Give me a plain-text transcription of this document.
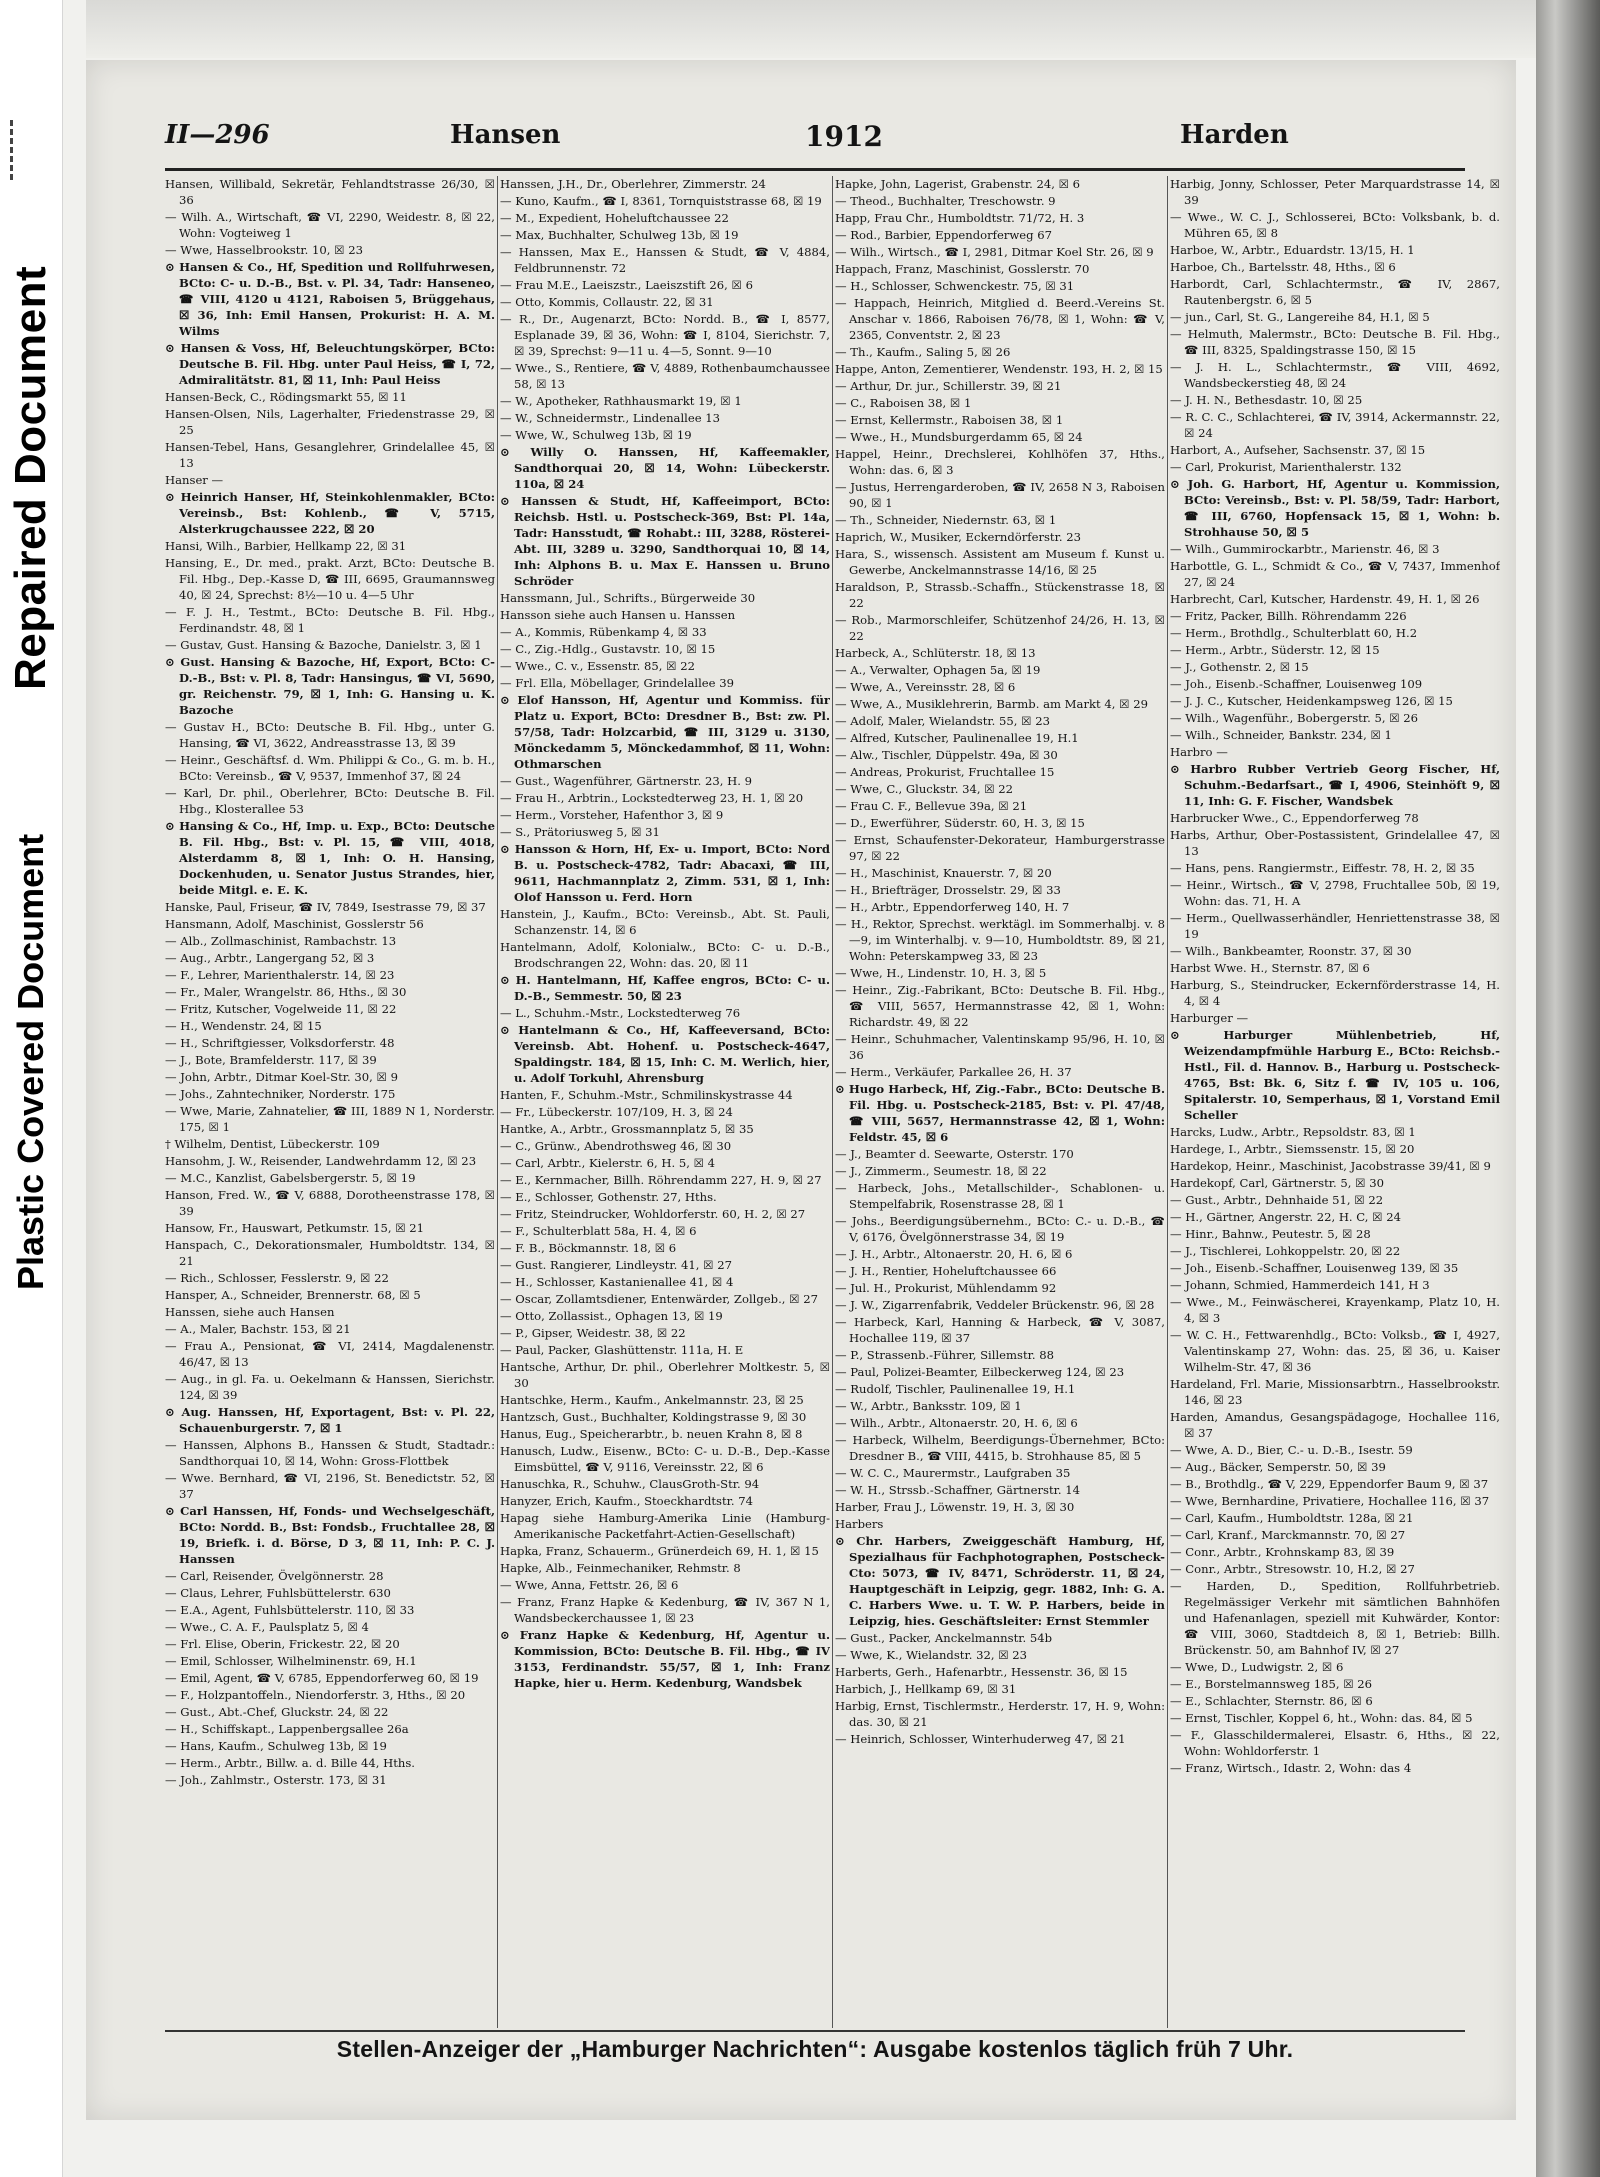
Repaired Document
Plastic Covered Document
II—296	Hansen	1912	Harden

Hansen, Willibald, Sekretär, Fehlandtstrasse 26/30, ☒ 36

— Wilh. A., Wirtschaft, ☎ VI, 2290, Weidestr. 8, ☒ 22, Wohn: Vogteiweg 1

— Wwe, Hasselbrookstr. 10, ☒ 23

⊙ Hansen & Co., Hf, Spedition und Rollfuhrwesen, BCto: C- u. D.-B., Bst. v. Pl. 34, Tadr: Hanseneo, ☎ VIII, 4120 u 4121, Raboisen 5, Brüggehaus, ☒ 36, Inh: Emil Hansen, Prokurist: H. A. M. Wilms

⊙ Hansen & Voss, Hf, Beleuchtungskörper, BCto: Deutsche B. Fil. Hbg. unter Paul Heiss, ☎ I, 72, Admiralitätstr. 81, ☒ 11, Inh: Paul Heiss

Hansen-Beck, C., Rödingsmarkt 55, ☒ 11

Hansen-Olsen, Nils, Lagerhalter, Friedenstrasse 29, ☒ 25

Hansen-Tebel, Hans, Gesanglehrer, Grindelallee 45, ☒ 13

Hanser —

⊙ Heinrich Hanser, Hf, Steinkohlenmakler, BCto: Vereinsb., Bst: Kohlenb., ☎ V, 5715, Alsterkrugchaussee 222, ☒ 20

Hansi, Wilh., Barbier, Hellkamp 22, ☒ 31

Hansing, E., Dr. med., prakt. Arzt, BCto: Deutsche B. Fil. Hbg., Dep.-Kasse D, ☎ III, 6695, Graumannsweg 40, ☒ 24, Sprechst: 8½—10 u. 4—5 Uhr

— F. J. H., Testmt., BCto: Deutsche B. Fil. Hbg., Ferdinandstr. 48, ☒ 1

— Gustav, Gust. Hansing & Bazoche, Danielstr. 3, ☒ 1

⊙ Gust. Hansing & Bazoche, Hf, Export, BCto: C- D.-B., Bst: v. Pl. 8, Tadr: Hansingus, ☎ VI, 5690, gr. Reichenstr. 79, ☒ 1, Inh: G. Hansing u. K. Bazoche

— Gustav H., BCto: Deutsche B. Fil. Hbg., unter G. Hansing, ☎ VI, 3622, Andreasstrasse 13, ☒ 39

— Heinr., Geschäftsf. d. Wm. Philippi & Co., G. m. b. H., BCto: Vereinsb., ☎ V, 9537, Immenhof 37, ☒ 24

— Karl, Dr. phil., Oberlehrer, BCto: Deutsche B. Fil. Hbg., Klosterallee 53

⊙ Hansing & Co., Hf, Imp. u. Exp., BCto: Deutsche B. Fil. Hbg., Bst: v. Pl. 15, ☎ VIII, 4018, Alsterdamm 8, ☒ 1, Inh: O. H. Hansing, Dockenhuden, u. Senator Justus Strandes, hier, beide Mitgl. e. E. K.

Hanske, Paul, Friseur, ☎ IV, 7849, Isestrasse 79, ☒ 37

Hansmann, Adolf, Maschinist, Gosslerstr 56

— Alb., Zollmaschinist, Rambachstr. 13

— Aug., Arbtr., Langergang 52, ☒ 3

— F., Lehrer, Marienthalerstr. 14, ☒ 23

— Fr., Maler, Wrangelstr. 86, Hths., ☒ 30

— Fritz, Kutscher, Vogelweide 11, ☒ 22

— H., Wendenstr. 24, ☒ 15

— H., Schriftgiesser, Volksdorferstr. 48

— J., Bote, Bramfelderstr. 117, ☒ 39

— John, Arbtr., Ditmar Koel-Str. 30, ☒ 9

— Johs., Zahntechniker, Norderstr. 175

— Wwe, Marie, Zahnatelier, ☎ III, 1889 N 1, Norderstr. 175, ☒ 1

† Wilhelm, Dentist, Lübeckerstr. 109

Hansohm, J. W., Reisender, Landwehrdamm 12, ☒ 23

— M.C., Kanzlist, Gabelsbergerstr. 5, ☒ 19

Hanson, Fred. W., ☎ V, 6888, Dorotheenstrasse 178, ☒ 39

Hansow, Fr., Hauswart, Petkumstr. 15, ☒ 21

Hanspach, C., Dekorationsmaler, Humboldtstr. 134, ☒ 21

— Rich., Schlosser, Fesslerstr. 9, ☒ 22

Hansper, A., Schneider, Brennerstr. 68, ☒ 5

Hanssen, siehe auch Hansen

— A., Maler, Bachstr. 153, ☒ 21

— Frau A., Pensionat, ☎ VI, 2414, Magdalenenstr. 46/47, ☒ 13

— Aug., in gl. Fa. u. Oekelmann & Hanssen, Sierichstr. 124, ☒ 39

⊙ Aug. Hanssen, Hf, Exportagent, Bst: v. Pl. 22, Schauenburgerstr. 7, ☒ 1

— Hanssen, Alphons B., Hanssen & Studt, Stadtadr.: Sandthorquai 10, ☒ 14, Wohn: Gross-Flottbek

— Wwe. Bernhard, ☎ VI, 2196, St. Benedictstr. 52, ☒ 37

⊙ Carl Hanssen, Hf, Fonds- und Wechselgeschäft, BCto: Nordd. B., Bst: Fondsb., Fruchtallee 28, ☒ 19, Briefk. i. d. Börse, D 3, ☒ 11, Inh: P. C. J. Hanssen

— Carl, Reisender, Övelgönnerstr. 28

— Claus, Lehrer, Fuhlsbüttelerstr. 630

— E.A., Agent, Fuhlsbüttelerstr. 110, ☒ 33

— Wwe., C. A. F., Paulsplatz 5, ☒ 4

— Frl. Elise, Oberin, Frickestr. 22, ☒ 20

— Emil, Schlosser, Wilhelminenstr. 69, H.1

— Emil, Agent, ☎ V, 6785, Eppendorferweg 60, ☒ 19

— F., Holzpantoffeln., Niendorferstr. 3, Hths., ☒ 20

— Gust., Abt.-Chef, Gluckstr. 24, ☒ 22

— H., Schiffskapt., Lappenbergsallee 26a

— Hans, Kaufm., Schulweg 13b, ☒ 19

— Herm., Arbtr., Billw. a. d. Bille 44, Hths.

— Joh., Zahlmstr., Osterstr. 173, ☒ 31

Hanssen, J.H., Dr., Oberlehrer, Zimmerstr. 24

— Kuno, Kaufm., ☎ I, 8361, Tornquiststrasse 68, ☒ 19

— M., Expedient, Hoheluftchaussee 22

— Max, Buchhalter, Schulweg 13b, ☒ 19

— Hanssen, Max E., Hanssen & Studt, ☎ V, 4884, Feldbrunnenstr. 72

— Frau M.E., Laeiszstr., Laeiszstift 26, ☒ 6

— Otto, Kommis, Collaustr. 22, ☒ 31

— R., Dr., Augenarzt, BCto: Nordd. B., ☎ I, 8577, Esplanade 39, ☒ 36, Wohn: ☎ I, 8104, Sierichstr. 7, ☒ 39, Sprechst: 9—11 u. 4—5, Sonnt. 9—10

— Wwe., S., Rentiere, ☎ V, 4889, Rothenbaumchaussee 58, ☒ 13

— W., Apotheker, Rathhausmarkt 19, ☒ 1

— W., Schneidermstr., Lindenallee 13

— Wwe, W., Schulweg 13b, ☒ 19

⊙ Willy O. Hanssen, Hf, Kaffeemakler, Sandthorquai 20, ☒ 14, Wohn: Lübeckerstr. 110a, ☒ 24

⊙ Hanssen & Studt, Hf, Kaffeeimport, BCto: Reichsb. Hstl. u. Postscheck-369, Bst: Pl. 14a, Tadr: Hansstudt, ☎ Rohabt.: III, 3288, Rösterei-Abt. III, 3289 u. 3290, Sandthorquai 10, ☒ 14, Inh: Alphons B. u. Max E. Hanssen u. Bruno Schröder

Hanssmann, Jul., Schrifts., Bürgerweide 30

Hansson siehe auch Hansen u. Hanssen

— A., Kommis, Rübenkamp 4, ☒ 33

— C., Zig.-Hdlg., Gustavstr. 10, ☒ 15

— Wwe., C. v., Essenstr. 85, ☒ 22

— Frl. Ella, Möbellager, Grindelallee 39

⊙ Elof Hansson, Hf, Agentur und Kommiss. für Platz u. Export, BCto: Dresdner B., Bst: zw. Pl. 57/58, Tadr: Holzcarbid, ☎ III, 3129 u. 3130, Mönckedamm 5, Mönckedammhof, ☒ 11, Wohn: Othmarschen

— Gust., Wagenführer, Gärtnerstr. 23, H. 9

— Frau H., Arbtrin., Lockstedterweg 23, H. 1, ☒ 20

— Herm., Vorsteher, Hafenthor 3, ☒ 9

— S., Prätoriusweg 5, ☒ 31

⊙ Hansson & Horn, Hf, Ex- u. Import, BCto: Nord B. u. Postscheck-4782, Tadr: Abacaxi, ☎ III, 9611, Hachmannplatz 2, Zimm. 531, ☒ 1, Inh: Olof Hansson u. Ferd. Horn

Hanstein, J., Kaufm., BCto: Vereinsb., Abt. St. Pauli, Schanzenstr. 14, ☒ 6

Hantelmann, Adolf, Kolonialw., BCto: C- u. D.-B., Brodschrangen 22, Wohn: das. 20, ☒ 11

⊙ H. Hantelmann, Hf, Kaffee engros, BCto: C- u. D.-B., Semmestr. 50, ☒ 23

— L., Schuhm.-Mstr., Lockstedterweg 76

⊙ Hantelmann & Co., Hf, Kaffeeversand, BCto: Vereinsb. Abt. Hohenf. u. Postscheck-4647, Spaldingstr. 184, ☒ 15, Inh: C. M. Werlich, hier, u. Adolf Torkuhl, Ahrensburg

Hanten, F., Schuhm.-Mstr., Schmilinskystrasse 44

— Fr., Lübeckerstr. 107/109, H. 3, ☒ 24

Hantke, A., Arbtr., Grossmannplatz 5, ☒ 35

— C., Grünw., Abendrothsweg 46, ☒ 30

— Carl, Arbtr., Kielerstr. 6, H. 5, ☒ 4

— E., Kernmacher, Billh. Röhrendamm 227, H. 9, ☒ 27

— E., Schlosser, Gothenstr. 27, Hths.

— Fritz, Steindrucker, Wohldorferstr. 60, H. 2, ☒ 27

— F., Schulterblatt 58a, H. 4, ☒ 6

— F. B., Böckmannstr. 18, ☒ 6

— Gust. Rangierer, Lindleystr. 41, ☒ 27

— H., Schlosser, Kastanienallee 41, ☒ 4

— Oscar, Zollamtsdiener, Entenwärder, Zollgeb., ☒ 27

— Otto, Zollassist., Ophagen 13, ☒ 19

— P., Gipser, Weidestr. 38, ☒ 22

— Paul, Packer, Glashüttenstr. 111a, H. E

Hantsche, Arthur, Dr. phil., Oberlehrer Moltkestr. 5, ☒ 30

Hantschke, Herm., Kaufm., Ankelmannstr. 23, ☒ 25

Hantzsch, Gust., Buchhalter, Koldingstrasse 9, ☒ 30

Hanus, Eug., Speicherarbtr., b. neuen Krahn 8, ☒ 8

Hanusch, Ludw., Eisenw., BCto: C- u. D.-B., Dep.-Kasse Eimsbüttel, ☎ V, 9116, Vereinsstr. 22, ☒ 6

Hanuschka, R., Schuhw., ClausGroth-Str. 94

Hanyzer, Erich, Kaufm., Stoeckhardtstr. 74

Hapag siehe Hamburg-Amerika Linie (Hamburg-Amerikanische Packetfahrt-Actien-Gesellschaft)

Hapka, Franz, Schauerm., Grünerdeich 69, H. 1, ☒ 15

Hapke, Alb., Feinmechaniker, Rehmstr. 8

— Wwe, Anna, Fettstr. 26, ☒ 6

— Franz, Franz Hapke & Kedenburg, ☎ IV, 367 N 1, Wandsbeckerchaussee 1, ☒ 23

⊙ Franz Hapke & Kedenburg, Hf, Agentur u. Kommission, BCto: Deutsche B. Fil. Hbg., ☎ IV 3153, Ferdinandstr. 55/57, ☒ 1, Inh: Franz Hapke, hier u. Herm. Kedenburg, Wandsbek

Hapke, John, Lagerist, Grabenstr. 24, ☒ 6

— Theod., Buchhalter, Treschowstr. 9

Happ, Frau Chr., Humboldtstr. 71/72, H. 3

— Rod., Barbier, Eppendorferweg 67

— Wilh., Wirtsch., ☎ I, 2981, Ditmar Koel Str. 26, ☒ 9

Happach, Franz, Maschinist, Gosslerstr. 70

— H., Schlosser, Schwenckestr. 75, ☒ 31

— Happach, Heinrich, Mitglied d. Beerd.-Vereins St. Anschar v. 1866, Raboisen 76/78, ☒ 1, Wohn: ☎ V, 2365, Conventstr. 2, ☒ 23

— Th., Kaufm., Saling 5, ☒ 26

Happe, Anton, Zementierer, Wendenstr. 193, H. 2, ☒ 15

— Arthur, Dr. jur., Schillerstr. 39, ☒ 21

— C., Raboisen 38, ☒ 1

— Ernst, Kellermstr., Raboisen 38, ☒ 1

— Wwe., H., Mundsburgerdamm 65, ☒ 24

Happel, Heinr., Drechslerei, Kohlhöfen 37, Hths., Wohn: das. 6, ☒ 3

— Justus, Herrengarderoben, ☎ IV, 2658 N 3, Raboisen 90, ☒ 1

— Th., Schneider, Niedernstr. 63, ☒ 1

Haprich, W., Musiker, Eckerndörferstr. 23

Hara, S., wissensch. Assistent am Museum f. Kunst u. Gewerbe, Anckelmannstrasse 14/16, ☒ 25

Haraldson, P., Strassb.-Schaffn., Stückenstrasse 18, ☒ 22

— Rob., Marmorschleifer, Schützenhof 24/26, H. 13, ☒ 22

Harbeck, A., Schlüterstr. 18, ☒ 13

— A., Verwalter, Ophagen 5a, ☒ 19

— Wwe, A., Vereinsstr. 28, ☒ 6

— Wwe, A., Musiklehrerin, Barmb. am Markt 4, ☒ 29

— Adolf, Maler, Wielandstr. 55, ☒ 23

— Alfred, Kutscher, Paulinenallee 19, H.1

— Alw., Tischler, Düppelstr. 49a, ☒ 30

— Andreas, Prokurist, Fruchtallee 15

— Wwe, C., Gluckstr. 34, ☒ 22

— Frau C. F., Bellevue 39a, ☒ 21

— D., Ewerführer, Süderstr. 60, H. 3, ☒ 15

— Ernst, Schaufenster-Dekorateur, Hamburgerstrasse 97, ☒ 22

— H., Maschinist, Knauerstr. 7, ☒ 20

— H., Briefträger, Drosselstr. 29, ☒ 33

— H., Arbtr., Eppendorferweg 140, H. 7

— H., Rektor, Sprechst. werktägl. im Sommerhalbj. v. 8—9, im Winterhalbj. v. 9—10, Humboldtstr. 89, ☒ 21, Wohn: Peterskampweg 33, ☒ 23

— Wwe, H., Lindenstr. 10, H. 3, ☒ 5

— Heinr., Zig.-Fabrikant, BCto: Deutsche B. Fil. Hbg., ☎ VIII, 5657, Hermannstrasse 42, ☒ 1, Wohn: Richardstr. 49, ☒ 22

— Heinr., Schuhmacher, Valentinskamp 95/96, H. 10, ☒ 36

— Herm., Verkäufer, Parkallee 26, H. 37

⊙ Hugo Harbeck, Hf, Zig.-Fabr., BCto: Deutsche B. Fil. Hbg. u. Postscheck-2185, Bst: v. Pl. 47/48, ☎ VIII, 5657, Hermannstrasse 42, ☒ 1, Wohn: Feldstr. 45, ☒ 6

— J., Beamter d. Seewarte, Osterstr. 170

— J., Zimmerm., Seumestr. 18, ☒ 22

— Harbeck, Johs., Metallschilder-, Schablonen- u. Stempelfabrik, Rosenstrasse 28, ☒ 1

— Johs., Beerdigungsübernehm., BCto: C.- u. D.-B., ☎ V, 6176, Övelgönnerstrasse 34, ☒ 19

— J. H., Arbtr., Altonaerstr. 20, H. 6, ☒ 6

— J. H., Rentier, Hoheluftchaussee 66

— Jul. H., Prokurist, Mühlendamm 92

— J. W., Zigarrenfabrik, Veddeler Brückenstr. 96, ☒ 28

— Harbeck, Karl, Hanning & Harbeck, ☎ V, 3087, Hochallee 119, ☒ 37

— P., Strassenb.-Führer, Sillemstr. 88

— Paul, Polizei-Beamter, Eilbeckerweg 124, ☒ 23

— Rudolf, Tischler, Paulinenallee 19, H.1

— W., Arbtr., Banksstr. 109, ☒ 1

— Wilh., Arbtr., Altonaerstr. 20, H. 6, ☒ 6

— Harbeck, Wilhelm, Beerdigungs-Übernehmer, BCto: Dresdner B., ☎ VIII, 4415, b. Strohhause 85, ☒ 5

— W. C. C., Maurermstr., Laufgraben 35

— W. H., Strssb.-Schaffner, Gärtnerstr. 14

Harber, Frau J., Löwenstr. 19, H. 3, ☒ 30

Harbers

⊙ Chr. Harbers, Zweiggeschäft Hamburg, Hf, Spezialhaus für Fachphotographen, Postscheck-Cto: 5073, ☎ IV, 8471, Schröderstr. 11, ☒ 24, Hauptgeschäft in Leipzig, gegr. 1882, Inh: G. A. C. Harbers Wwe. u. T. W. P. Harbers, beide in Leipzig, hies. Geschäftsleiter: Ernst Stemmler

— Gust., Packer, Anckelmannstr. 54b

— Wwe, K., Wielandstr. 32, ☒ 23

Harberts, Gerh., Hafenarbtr., Hessenstr. 36, ☒ 15

Harbich, J., Hellkamp 69, ☒ 31

Harbig, Ernst, Tischlermstr., Herderstr. 17, H. 9, Wohn: das. 30, ☒ 21

— Heinrich, Schlosser, Winterhuderweg 47, ☒ 21

Harbig, Jonny, Schlosser, Peter Marquardstrasse 14, ☒ 39

— Wwe., W. C. J., Schlosserei, BCto: Volksbank, b. d. Mühren 65, ☒ 8

Harboe, W., Arbtr., Eduardstr. 13/15, H. 1

Harboe, Ch., Bartelsstr. 48, Hths., ☒ 6

Harbordt, Carl, Schlachtermstr., ☎ IV, 2867, Rautenbergstr. 6, ☒ 5

— jun., Carl, St. G., Langereihe 84, H.1, ☒ 5

— Helmuth, Malermstr., BCto: Deutsche B. Fil. Hbg., ☎ III, 8325, Spaldingstrasse 150, ☒ 15

— J. H. L., Schlachtermstr., ☎ VIII, 4692, Wandsbeckerstieg 48, ☒ 24

— J. H. N., Bethesdastr. 10, ☒ 25

— R. C. C., Schlachterei, ☎ IV, 3914, Ackermannstr. 22, ☒ 24

Harbort, A., Aufseher, Sachsenstr. 37, ☒ 15

— Carl, Prokurist, Marienthalerstr. 132

⊙ Joh. G. Harbort, Hf, Agentur u. Kommission, BCto: Vereinsb., Bst: v. Pl. 58/59, Tadr: Harbort, ☎ III, 6760, Hopfensack 15, ☒ 1, Wohn: b. Strohhause 50, ☒ 5

— Wilh., Gummirockarbtr., Marienstr. 46, ☒ 3

Harbottle, G. L., Schmidt & Co., ☎ V, 7437, Immenhof 27, ☒ 24

Harbrecht, Carl, Kutscher, Hardenstr. 49, H. 1, ☒ 26

— Fritz, Packer, Billh. Röhrendamm 226

— Herm., Brothdlg., Schulterblatt 60, H.2

— Herm., Arbtr., Süderstr. 12, ☒ 15

— J., Gothenstr. 2, ☒ 15

— Joh., Eisenb.-Schaffner, Louisenweg 109

— J. J. C., Kutscher, Heidenkampsweg 126, ☒ 15

— Wilh., Wagenführ., Bobergerstr. 5, ☒ 26

— Wilh., Schneider, Bankstr. 234, ☒ 1

Harbro —

⊙ Harbro Rubber Vertrieb Georg Fischer, Hf, Schuhm.-Bedarfsart., ☎ I, 4906, Steinhöft 9, ☒ 11, Inh: G. F. Fischer, Wandsbek

Harbrucker Wwe., C., Eppendorferweg 78

Harbs, Arthur, Ober-Postassistent, Grindelallee 47, ☒ 13

— Hans, pens. Rangiermstr., Eiffestr. 78, H. 2, ☒ 35

— Heinr., Wirtsch., ☎ V, 2798, Fruchtallee 50b, ☒ 19, Wohn: das. 71, H. A

— Herm., Quellwasserhändler, Henriettenstrasse 38, ☒ 19

— Wilh., Bankbeamter, Roonstr. 37, ☒ 30

Harbst Wwe. H., Sternstr. 87, ☒ 6

Harburg, S., Steindrucker, Eckernförderstrasse 14, H. 4, ☒ 4

Harburger —

⊙ Harburger Mühlenbetrieb, Hf, Weizendampfmühle Harburg E., BCto: Reichsb.-Hstl., Fil. d. Hannov. B., Harburg u. Postscheck-4765, Bst: Bk. 6, Sitz f. ☎ IV, 105 u. 106, Spitalerstr. 10, Semperhaus, ☒ 1, Vorstand Emil Scheller

Harcks, Ludw., Arbtr., Repsoldstr. 83, ☒ 1

Hardege, I., Arbtr., Siemssenstr. 15, ☒ 20

Hardekop, Heinr., Maschinist, Jacobstrasse 39/41, ☒ 9

Hardekopf, Carl, Gärtnerstr. 5, ☒ 30

— Gust., Arbtr., Dehnhaide 51, ☒ 22

— H., Gärtner, Angerstr. 22, H. C, ☒ 24

— Hinr., Bahnw., Peutestr. 5, ☒ 28

— J., Tischlerei, Lohkoppelstr. 20, ☒ 22

— Joh., Eisenb.-Schaffner, Louisenweg 139, ☒ 35

— Johann, Schmied, Hammerdeich 141, H 3

— Wwe., M., Feinwäscherei, Krayenkamp, Platz 10, H. 4, ☒ 3

— W. C. H., Fettwarenhdlg., BCto: Volksb., ☎ I, 4927, Valentinskamp 27, Wohn: das. 25, ☒ 36, u. Kaiser Wilhelm-Str. 47, ☒ 36

Hardeland, Frl. Marie, Missionsarbtrn., Hasselbrookstr. 146, ☒ 23

Harden, Amandus, Gesangspädagoge, Hochallee 116, ☒ 37

— Wwe, A. D., Bier, C.- u. D.-B., Isestr. 59

— Aug., Bäcker, Semperstr. 50, ☒ 39

— B., Brothdlg., ☎ V, 229, Eppendorfer Baum 9, ☒ 37

— Wwe, Bernhardine, Privatiere, Hochallee 116, ☒ 37

— Carl, Kaufm., Humboldtstr. 128a, ☒ 21

— Carl, Kranf., Marckmannstr. 70, ☒ 27

— Conr., Arbtr., Krohnskamp 83, ☒ 39

— Conr., Arbtr., Stresowstr. 10, H.2, ☒ 27

— Harden, D., Spedition, Rollfuhrbetrieb. Regelmässiger Verkehr mit sämtlichen Bahnhöfen und Hafenanlagen, speziell mit Kuhwärder, Kontor: ☎ VIII, 3060, Stadtdeich 8, ☒ 1, Betrieb: Billh. Brückenstr. 50, am Bahnhof IV, ☒ 27

— Wwe, D., Ludwigstr. 2, ☒ 6

— E., Borstelmannsweg 185, ☒ 26

— E., Schlachter, Sternstr. 86, ☒ 6

— Ernst, Tischler, Koppel 6, ht., Wohn: das. 84, ☒ 5

— F., Glasschildermalerei, Elsastr. 6, Hths., ☒ 22, Wohn: Wohldorferstr. 1

— Franz, Wirtsch., Idastr. 2, Wohn: das 4

Stellen-Anzeiger der „Hamburger Nachrichten“: Ausgabe kostenlos täglich früh 7 Uhr.
